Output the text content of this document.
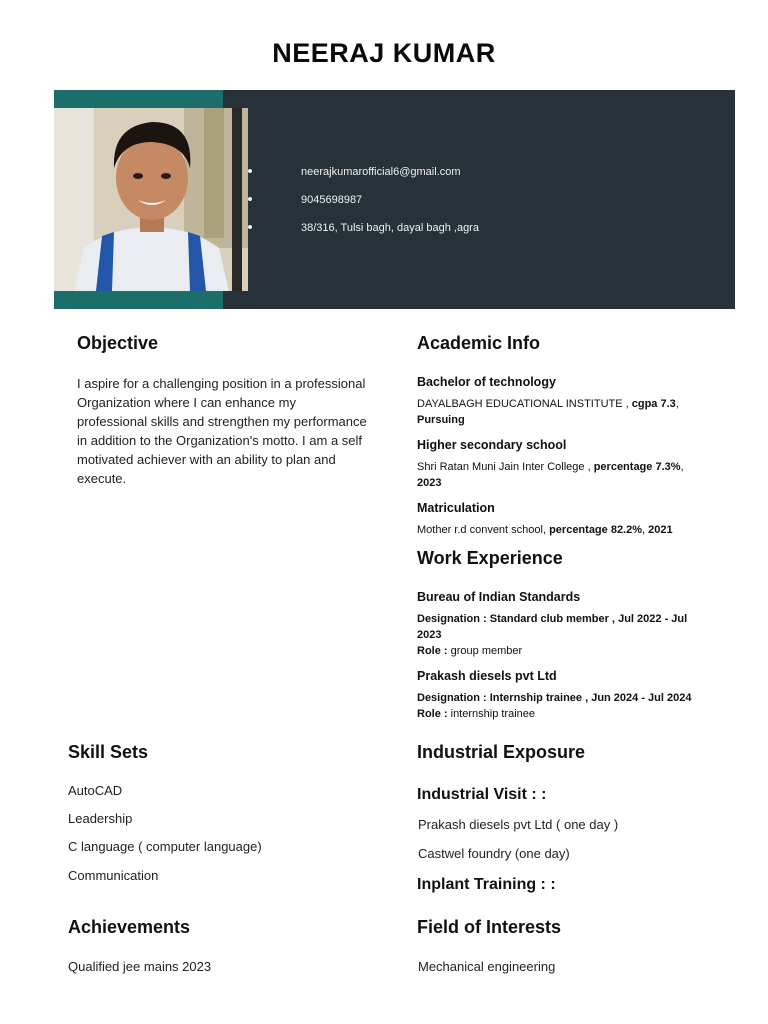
NEERAJ KUMAR
neerajkumarofficial6@gmail.com
9045698987
38/316, Tulsi bagh, dayal bagh ,agra
Objective
I aspire for a challenging position in a professional Organization where I can enhance my professional skills and strengthen my performance in addition to the Organization's motto. I am a self motivated achiever with an ability to plan and execute.
Academic Info
Bachelor of technology
DAYALBAGH EDUCATIONAL INSTITUTE , cgpa 7.3, Pursuing
Higher secondary school
Shri Ratan Muni Jain Inter College , percentage 7.3%, 2023
Matriculation
Mother r.d convent school, percentage 82.2%, 2021
Work Experience
Bureau of Indian Standards
Designation : Standard club member , Jul 2022 - Jul 2023
Role : group member
Prakash diesels pvt Ltd
Designation : Internship trainee , Jun 2024 - Jul 2024
Role : internship trainee
Skill Sets
AutoCAD
Leadership
C language ( computer language)
Communication
Industrial Exposure
Industrial Visit : :
Prakash diesels pvt Ltd ( one day )
Castwel foundry (one day)
Inplant Training : :
Achievements
Qualified jee mains 2023
Field of Interests
Mechanical engineering
